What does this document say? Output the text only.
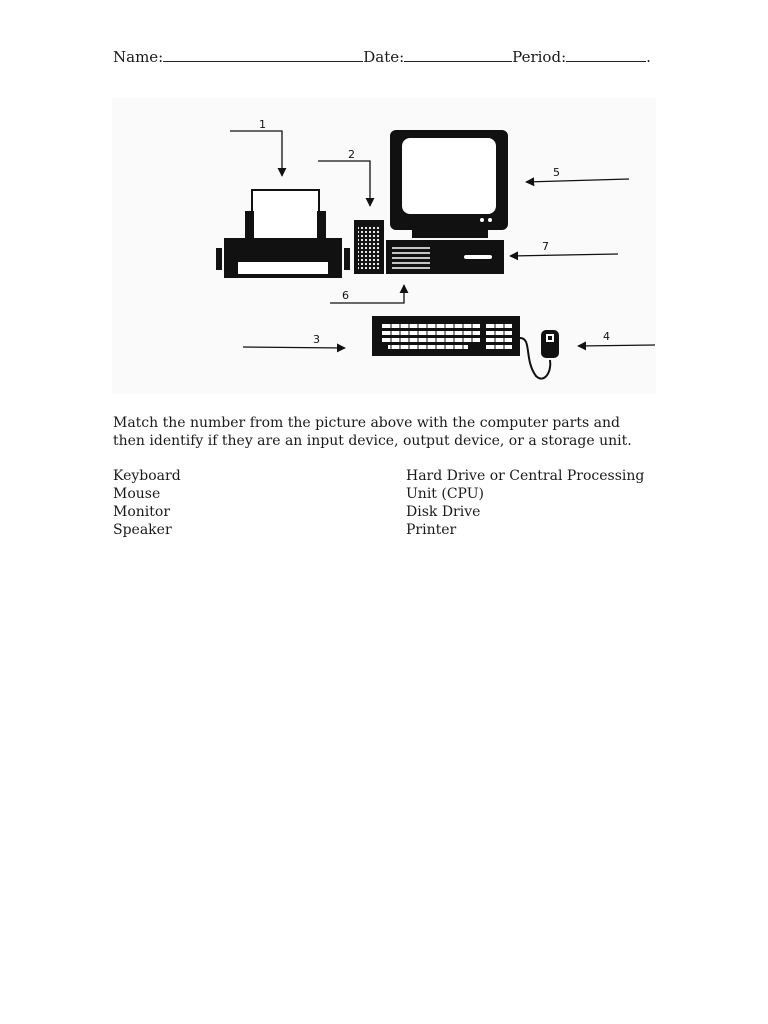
Name:	Date:	Period:	.
1
2
3	4
5
6
7
Match the number from the picture above with the computer parts and
then identify if they are an input device, output device, or a storage unit.
Keyboard
Mouse
Monitor
Speaker
Hard Drive or Central Processing
Unit (CPU)
Disk Drive
Printer
